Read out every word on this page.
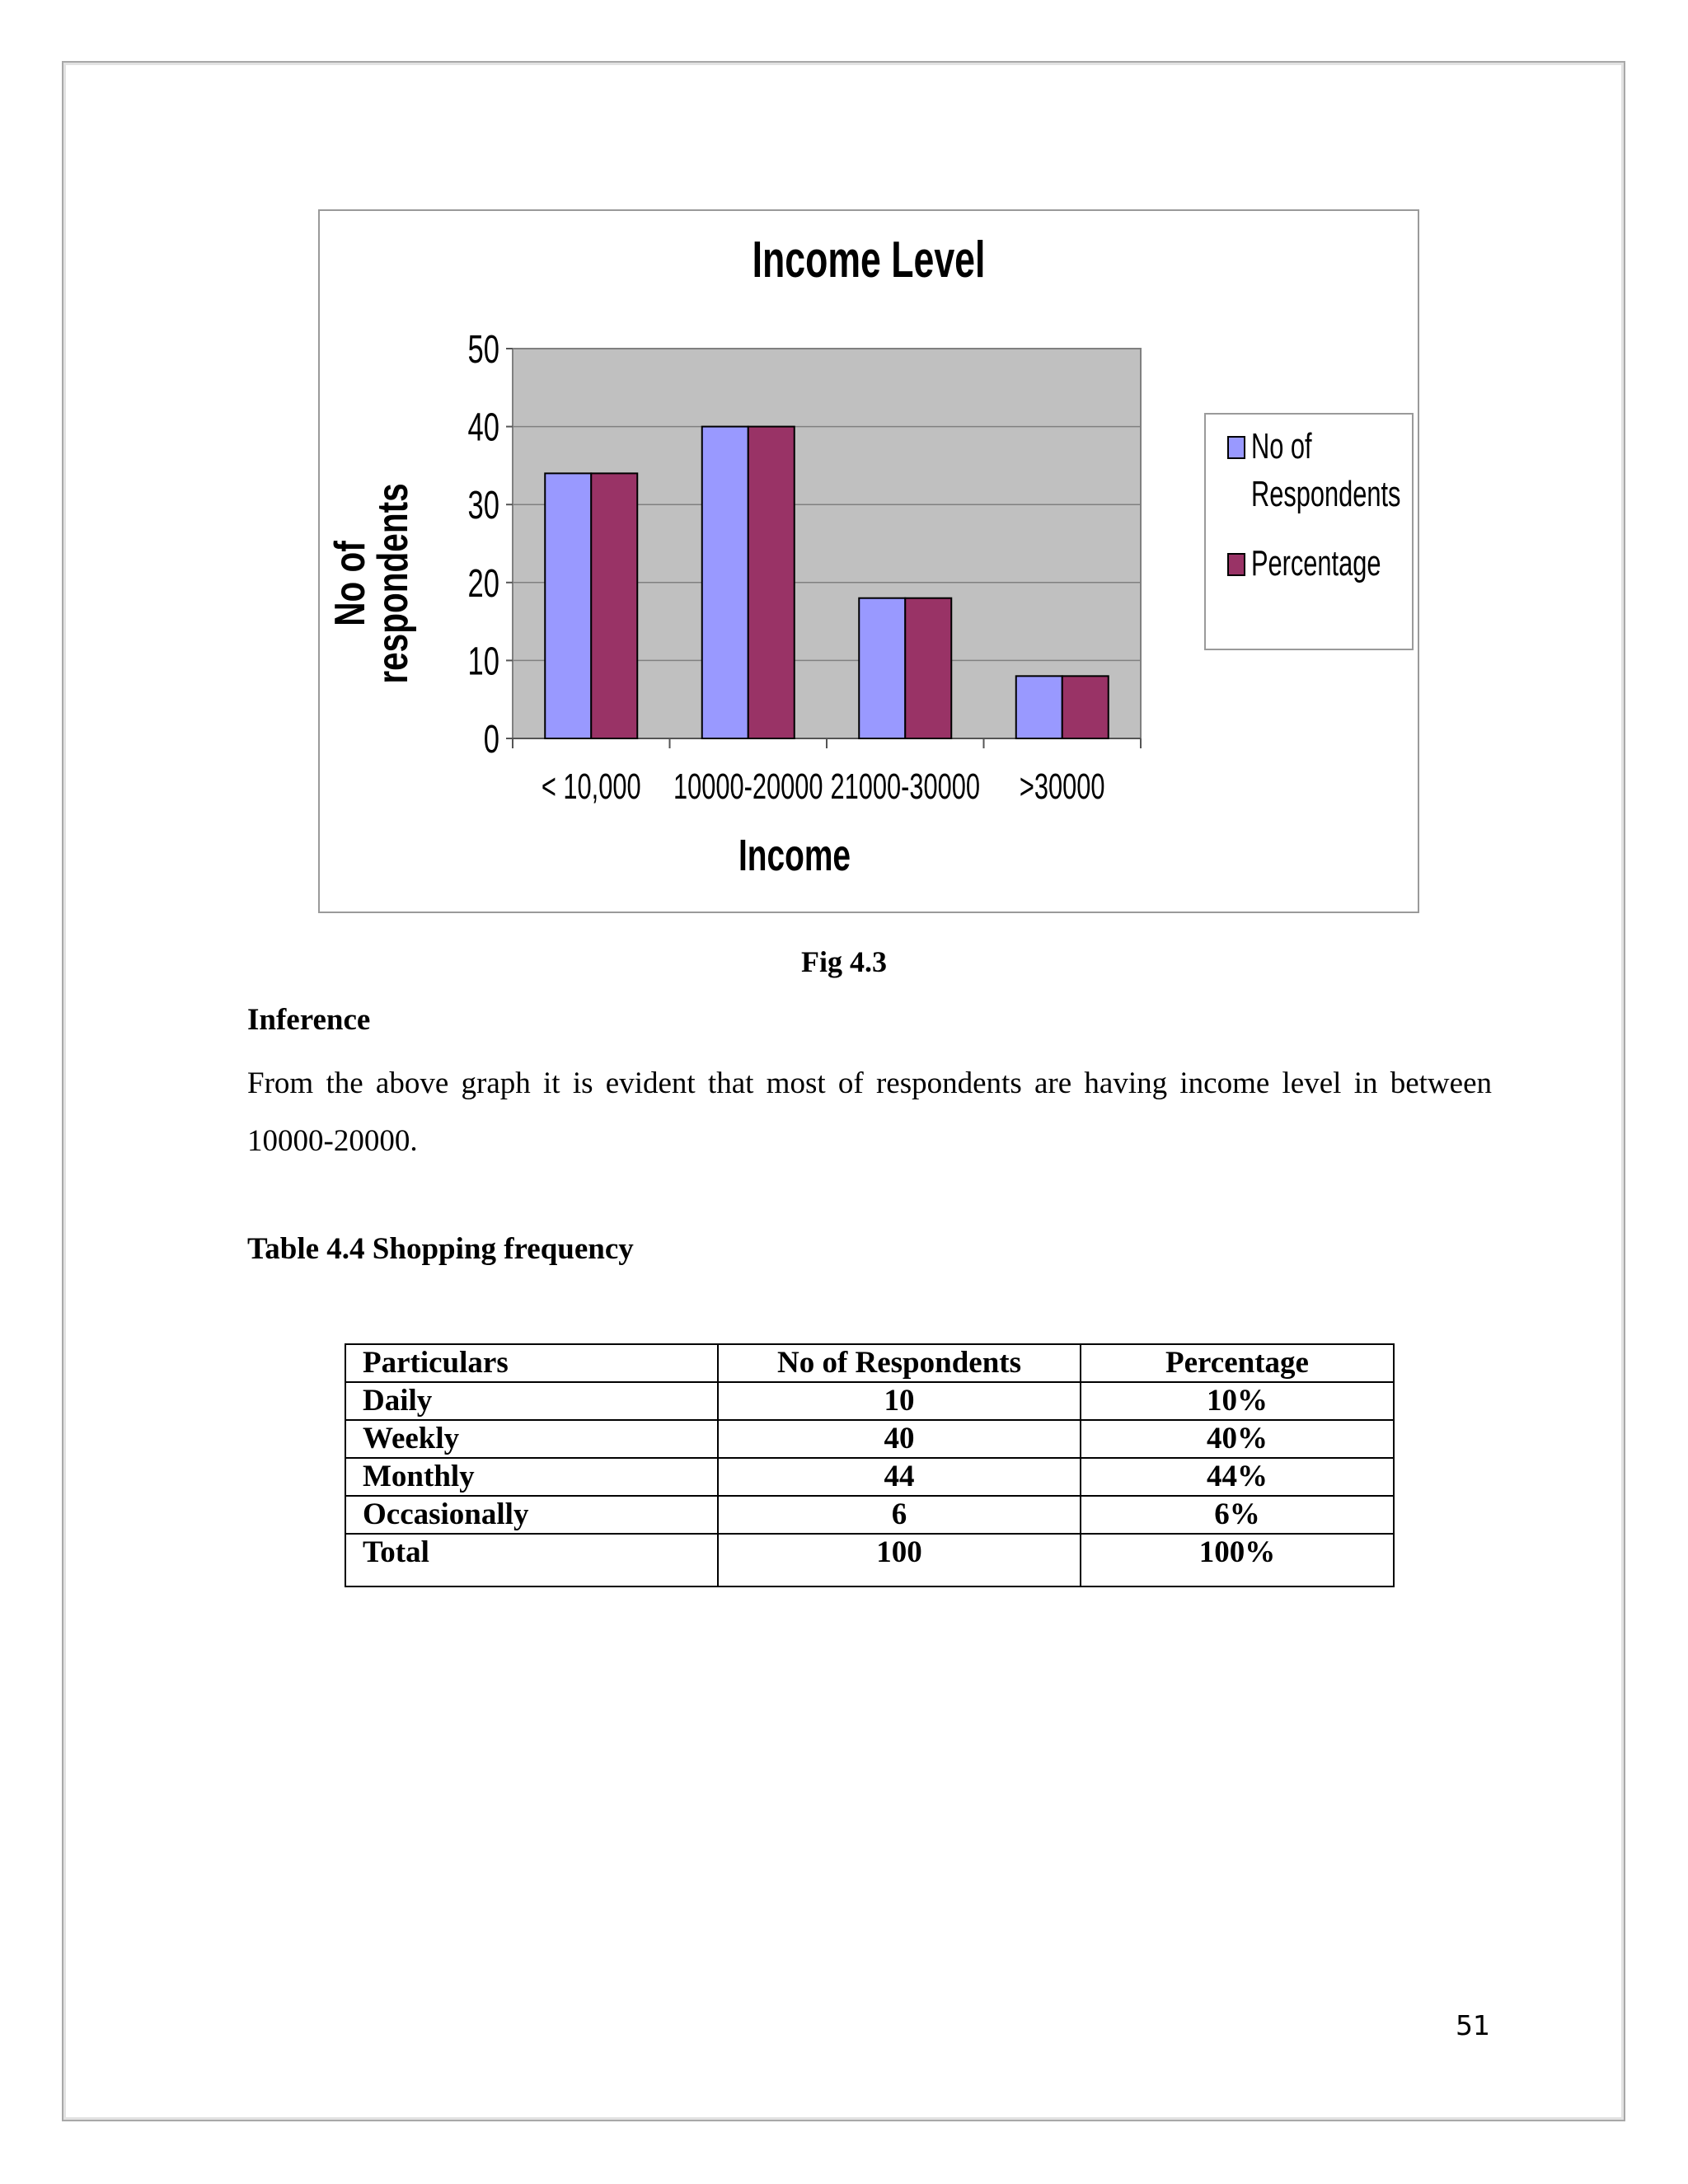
0
10
20
30
40
50
< 10,000 10000-20000 21000-30000 >30000
Income Level
Income
No of
respondents
No of
Respondents
Percentage
Fig 4.3
Inference
From the above graph it is evident that most of respondents are having income level in between 10000-20000.
Table 4.4 Shopping frequency
Particulars	No of Respondents	Percentage
Daily	10	10%
Weekly	40	40%
Monthly	44	44%
Occasionally	6	6%
Total	100	100%
51
